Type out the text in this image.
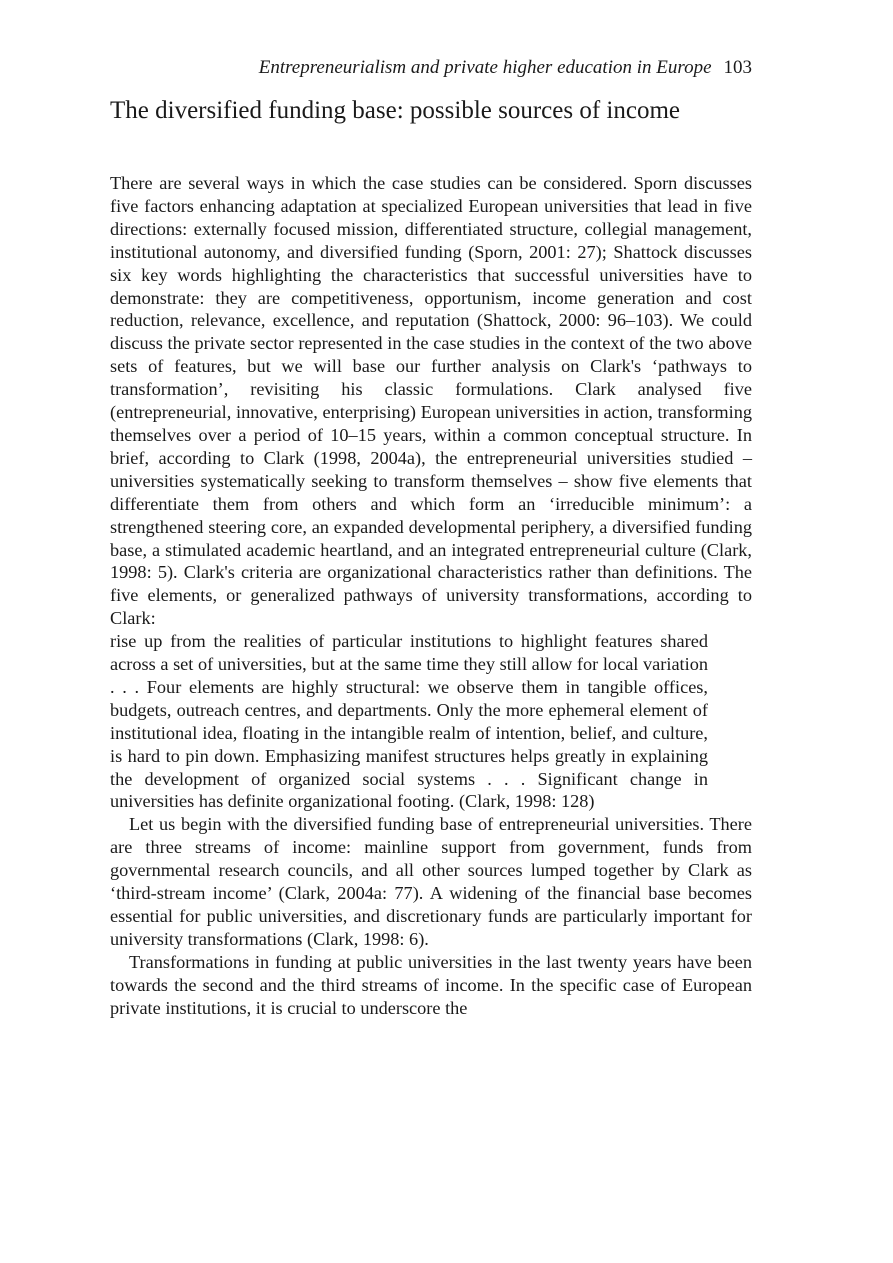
Entrepreneurialism and private higher education in Europe 103
The diversified funding base: possible sources of income

There are several ways in which the case studies can be considered. Sporn discusses five factors enhancing adaptation at specialized European universities that lead in five directions: externally focused mission, differentiated structure, collegial management, institutional autonomy, and diversified funding (Sporn, 2001: 27); Shattock discusses six key words highlighting the characteristics that successful universities have to demonstrate: they are competitiveness, opportunism, income generation and cost reduction, relevance, excellence, and reputation (Shattock, 2000: 96–103). We could discuss the private sector represented in the case studies in the context of the two above sets of features, but we will base our further analysis on Clark's ‘pathways to transformation’, revisiting his classic formulations. Clark analysed five (entrepreneurial, innovative, enterprising) European universities in action, transforming themselves over a period of 10–15 years, within a common conceptual structure. In brief, according to Clark (1998, 2004a), the entrepreneurial universities studied – universities systematically seeking to transform themselves – show five elements that differentiate them from others and which form an ‘irreducible minimum’: a strengthened steering core, an expanded developmental periphery, a diversified funding base, a stimulated academic heartland, and an integrated entrepreneurial culture (Clark, 1998: 5). Clark's criteria are organizational characteristics rather than definitions. The five elements, or generalized pathways of university transformations, according to Clark:

rise up from the realities of particular institutions to highlight features shared across a set of universities, but at the same time they still allow for local variation . . . Four elements are highly structural: we observe them in tangible offices, budgets, outreach centres, and departments. Only the more ephemeral element of institutional idea, floating in the intangible realm of intention, belief, and culture, is hard to pin down. Emphasizing manifest structures helps greatly in explaining the development of organized social systems . . . Significant change in universities has definite organizational footing. (Clark, 1998: 128)

Let us begin with the diversified funding base of entrepreneurial universities. There are three streams of income: mainline support from government, funds from governmental research councils, and all other sources lumped together by Clark as ‘third-stream income’ (Clark, 2004a: 77). A widening of the financial base becomes essential for public universities, and discretionary funds are particularly important for university transformations (Clark, 1998: 6).

Transformations in funding at public universities in the last twenty years have been towards the second and the third streams of income. In the specific case of European private institutions, it is crucial to underscore the
